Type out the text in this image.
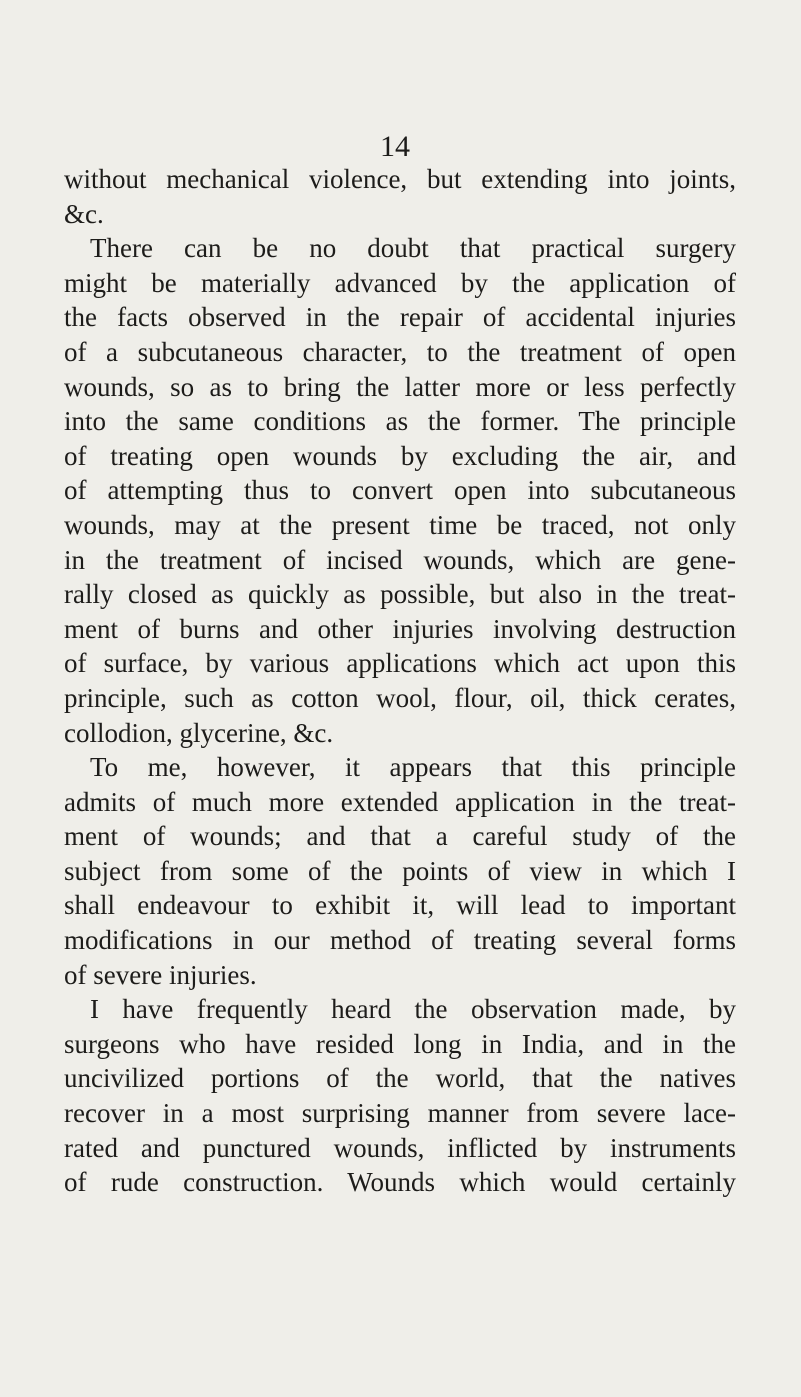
14
without mechanical violence, but extending into joints,
&c.
There can be no doubt that practical surgery
might be materially advanced by the application of
the facts observed in the repair of accidental injuries
of a subcutaneous character, to the treatment of open
wounds, so as to bring the latter more or less perfectly
into the same conditions as the former. The principle
of treating open wounds by excluding the air, and
of attempting thus to convert open into subcutaneous
wounds, may at the present time be traced, not only
in the treatment of incised wounds, which are gene-
rally closed as quickly as possible, but also in the treat-
ment of burns and other injuries involving destruction
of surface, by various applications which act upon this
principle, such as cotton wool, flour, oil, thick cerates,
collodion, glycerine, &c.
To me, however, it appears that this principle
admits of much more extended application in the treat-
ment of wounds; and that a careful study of the
subject from some of the points of view in which I
shall endeavour to exhibit it, will lead to important
modifications in our method of treating several forms
of severe injuries.
I have frequently heard the observation made, by
surgeons who have resided long in India, and in the
uncivilized portions of the world, that the natives
recover in a most surprising manner from severe lace-
rated and punctured wounds, inflicted by instruments
of rude construction. Wounds which would certainly
